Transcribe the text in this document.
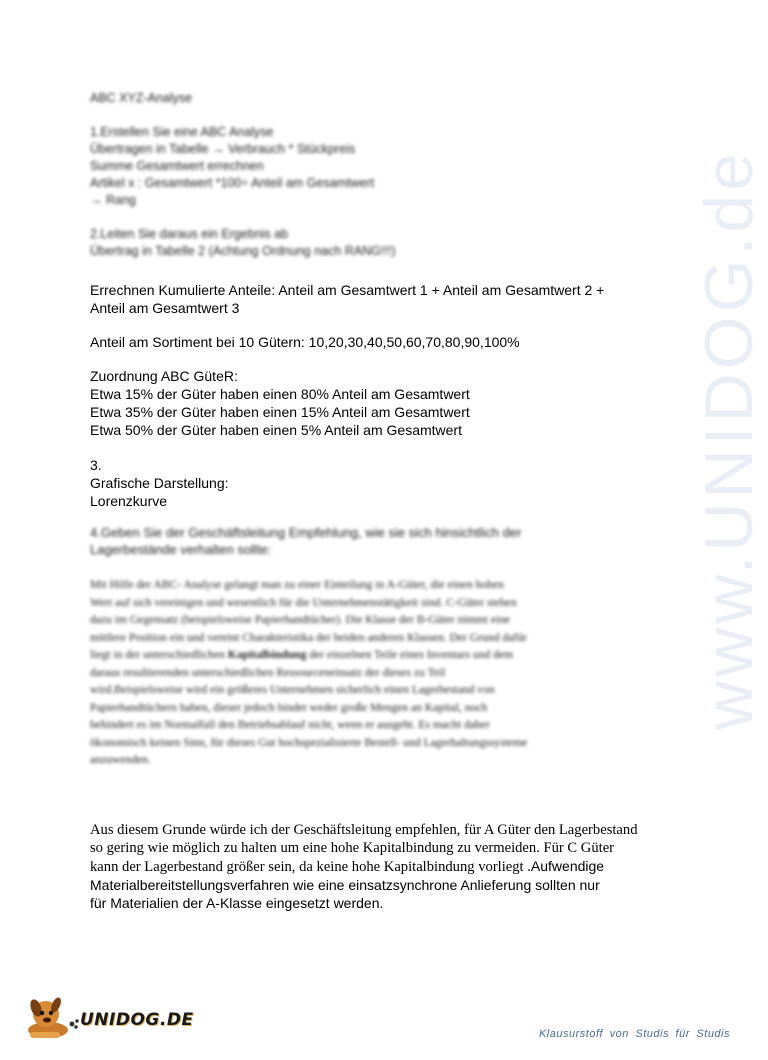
www.UNIDOG.de
ABC XYZ-Analyse
1.Erstellen Sie eine ABC Analyse
Übertragen in Tabelle → Verbrauch * Stückpreis
Summe Gesamtwert errechnen
Artikel x : Gesamtwert *100÷ Anteil am Gesamtwert
→ Rang
2.Leiten Sie daraus ein Ergebnis ab
Übertrag in Tabelle 2 (Achtung Ordnung nach RANG!!!)
Errechnen Kumulierte Anteile: Anteil am Gesamtwert 1 + Anteil am Gesamtwert 2 +
Anteil am Gesamtwert 3
Anteil am Sortiment bei 10 Gütern: 10,20,30,40,50,60,70,80,90,100%
Zuordnung ABC GüteR:
Etwa 15% der Güter haben einen 80% Anteil am Gesamtwert
Etwa 35% der Güter haben einen 15% Anteil am Gesamtwert
Etwa 50% der Güter haben einen 5% Anteil am Gesamtwert
3.
Grafische Darstellung:
Lorenzkurve
4.Geben Sie der Geschäftsleitung Empfehlung, wie sie sich hinsichtlich der
Lagerbestände verhalten sollte:
Mit Hilfe der ABC- Analyse gelangt man zu einer Einteilung in A-Güter, die einen hohen
Wert auf sich vereinigen und wesentlich für die Unternehmenstätigkeit sind. C-Güter stehen
dazu im Gegensatz (beispielsweise Papierhandtücher). Die Klasse der B-Güter nimmt eine
mittlere Position ein und vereint Charakteristika der beiden anderen Klassen. Der Grund dafür
liegt in der unterschiedlichen Kapitalbindung der einzelnen Teile eines Inventars und dem
daraus resultierenden unterschiedlichen Ressourceneinsatz der dieses zu Teil
wird.Beispielsweise wird ein größeres Unternehmen sicherlich einen Lagerbestand von
Papierhandtüchern haben, dieser jedoch bindet weder große Mengen an Kapital, noch
behindert es im Normalfall den Betriebsablauf nicht, wenn er ausgeht. Es macht daher
ökonomisch keinen Sinn, für dieses Gut hochspezialisierte Bestell- und Lagerhaltungssysteme
anzuwenden.
Aus diesem Grunde würde ich der Geschäftsleitung empfehlen, für A Güter den Lagerbestand
so gering wie möglich zu halten um eine hohe Kapitalbindung zu vermeiden. Für C Güter
kann der Lagerbestand größer sein, da keine hohe Kapitalbindung vorliegt .Aufwendige
Materialbereitstellungsverfahren wie eine einsatzsynchrone Anlieferung sollten nur
für Materialien der A-Klasse eingesetzt werden.
UNIDOG.DE
Klausurstoff von Studis für Studis
